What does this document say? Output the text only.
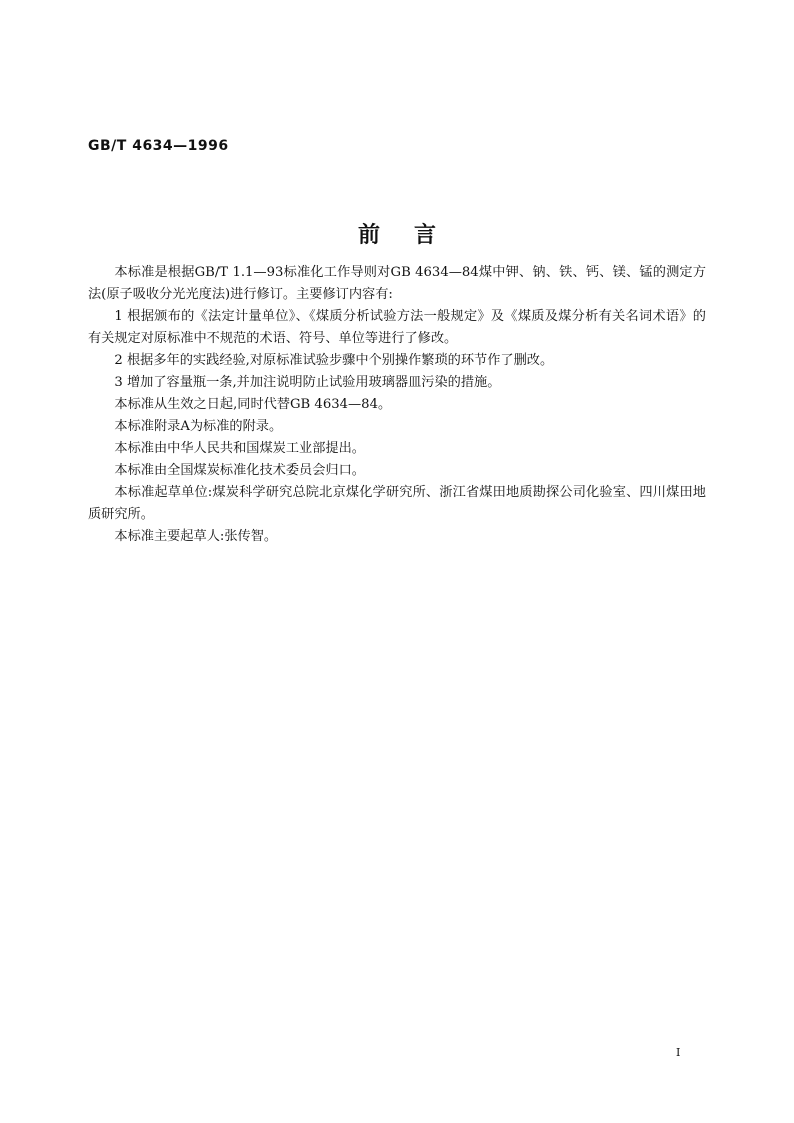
GB/T 4634—1996
前言

本标准是根据GB/T 1.1—93标准化工作导则对GB 4634—84煤中钾、钠、铁、钙、镁、锰的测定方法(原子吸收分光光度法)进行修订。主要修订内容有:

1 根据颁布的《法定计量单位》、《煤质分析试验方法一般规定》及《煤质及煤分析有关名词术语》的有关规定对原标准中不规范的术语、符号、单位等进行了修改。

2 根据多年的实践经验,对原标准试验步骤中个别操作繁琐的环节作了删改。

3 增加了容量瓶一条,并加注说明防止试验用玻璃器皿污染的措施。

本标准从生效之日起,同时代替GB 4634—84。

本标准附录A为标准的附录。

本标准由中华人民共和国煤炭工业部提出。

本标准由全国煤炭标准化技术委员会归口。

本标准起草单位:煤炭科学研究总院北京煤化学研究所、浙江省煤田地质勘探公司化验室、四川煤田地质研究所。

本标准主要起草人:张传智。

I
